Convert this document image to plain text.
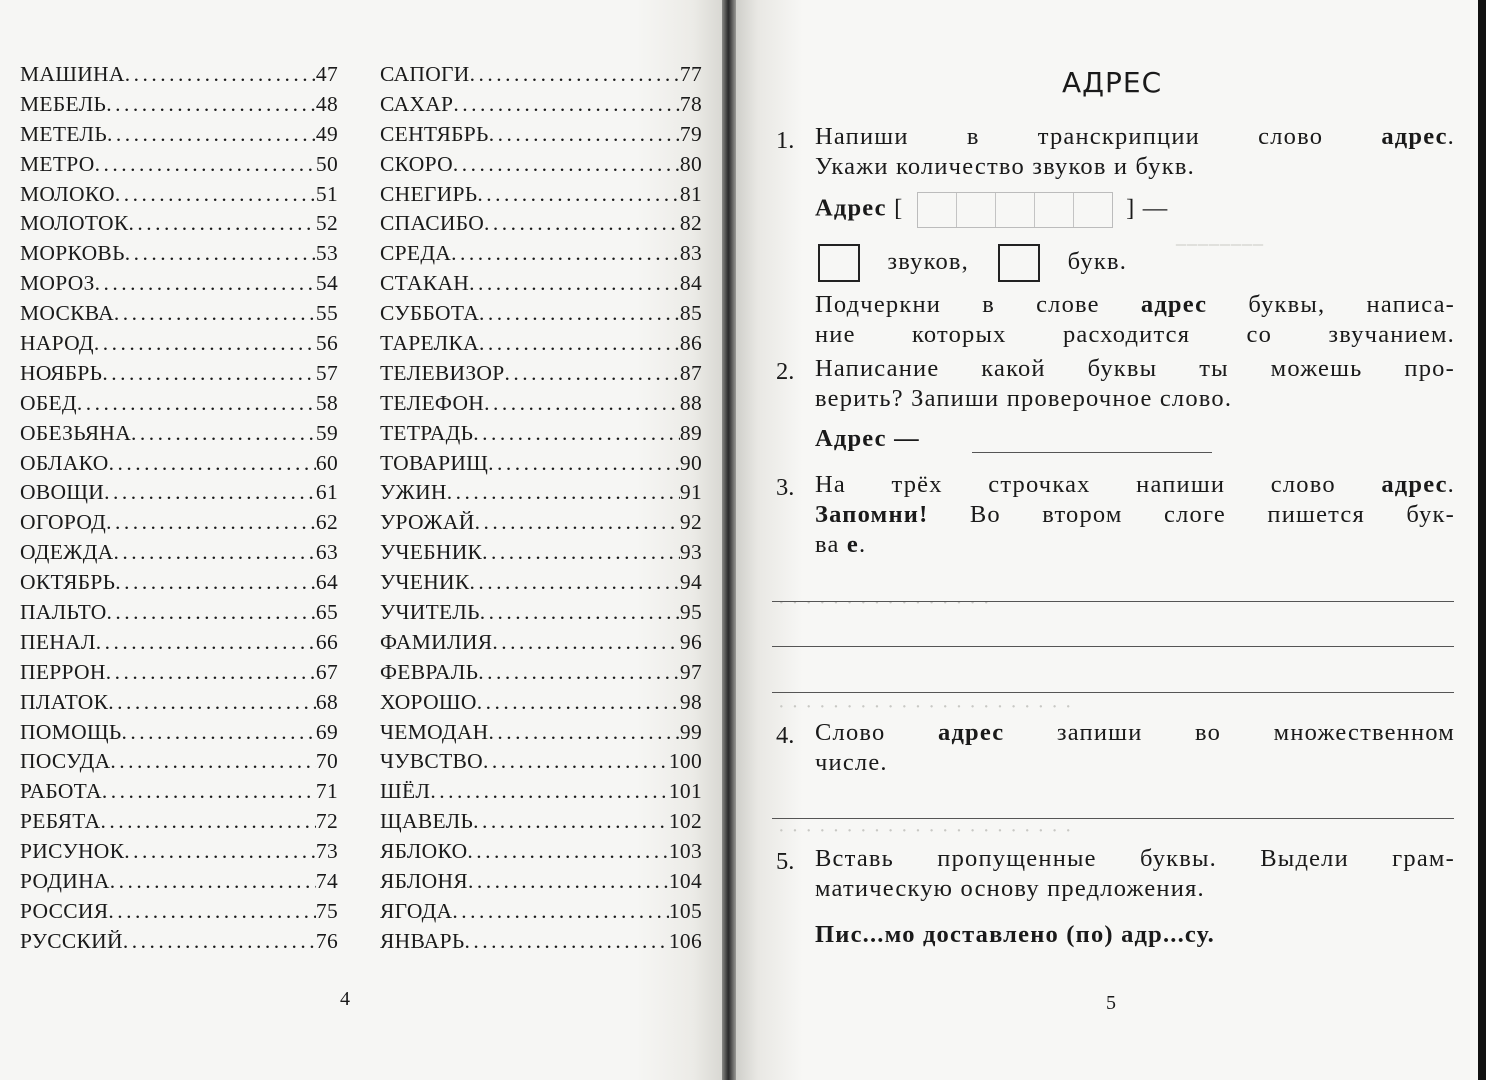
МАШИНА .....	47
МЕБЕЛЬ .....	48
МЕТЕЛЬ .....	49
МЕТРО .....	50
МОЛОКО .....	51
МОЛОТОК .....	52
МОРКОВЬ .....	53
МОРОЗ .....	54
МОСКВА .....	55
НАРОД .....	56
НОЯБРЬ .....	57
ОБЕД .....	58
ОБЕЗЬЯНА .....	59
ОБЛАКО .....	60
ОВОЩИ .....	61
ОГОРОД .....	62
ОДЕЖДА .....	63
ОКТЯБРЬ .....	64
ПАЛЬТО .....	65
ПЕНАЛ .....	66
ПЕРРОН .....	67
ПЛАТОК .....	68
ПОМОЩЬ .....	69
ПОСУДА .....	70
РАБОТА .....	71
РЕБЯТА .....	72
РИСУНОК .....	73
РОДИНА .....	74
РОССИЯ .....	75
РУССКИЙ .....	76
САПОГИ .....	77
САХАР .....	78
СЕНТЯБРЬ .....	79
СКОРО .....	80
СНЕГИРЬ .....	81
СПАСИБО .....	82
СРЕДА .....	83
СТАКАН .....	84
СУББОТА .....	85
ТАРЕЛКА .....	86
ТЕЛЕВИЗОР .....	87
ТЕЛЕФОН .....	88
ТЕТРАДЬ .....	89
ТОВАРИЩ .....	90
УЖИН .....	91
УРОЖАЙ .....	92
УЧЕБНИК .....	93
УЧЕНИК .....	94
УЧИТЕЛЬ .....	95
ФАМИЛИЯ .....	96
ФЕВРАЛЬ .....	97
ХОРОШО .....	98
ЧЕМОДАН .....	99
ЧУВСТВО .....	100
ШЁЛ .....	101
ЩАВЕЛЬ .....	102
ЯБЛОКО .....	103
ЯБЛОНЯ .....	104
ЯГОДА .....	105
ЯНВАРЬ .....	106
4
________
· · · · · · · · · · · · · · · ·
· · · · · · · · · · · · · · · · · · · · · ·
· · · · · · · · · · · · · · · · · · · · · ·
АДРЕС
1. Напиши в транскрипции слово адрес.
Укажи количество звуков и букв.
Адрес [	] —
звуков,	букв.
Подчеркни в слове адрес буквы, написа-
ние которых расходится со звучанием.
2. Написание какой буквы ты можешь про-
верить? Запиши проверочное слово.
Адрес —
3. На трёх строчках напиши слово адрес.
Запомни! Во втором слоге пишется бук-
ва е.
4. Слово адрес запиши во множественном
числе.
5. Вставь пропущенные буквы. Выдели грам-
матическую основу предложения.
Пис...мо доставлено (по) адр...су.
5
